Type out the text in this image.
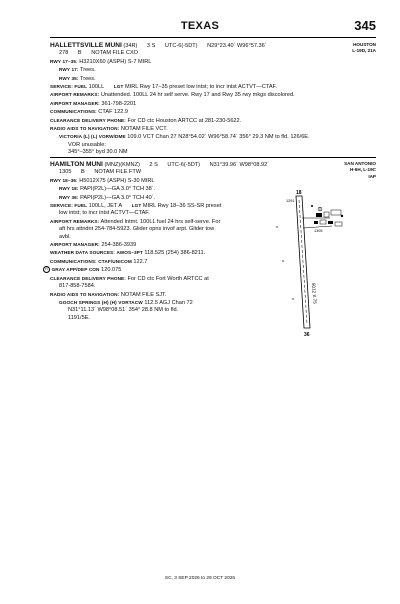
TEXAS	345
HOUSTON
L-19D, 21A
HALLETTSVILLE MUNI (34R) 3 S UTC-6(-5DT) N29°23.40´ W96°57.36´
278 B NOTAM FILE CXO
RWY 17–35: H3210X60 (ASPH) S-7 MIRL
RWY 17: Trees.
RWY 35: Trees.
SERVICE: FUEL 100LL LGT MIRL Rwy 17–35 preset low intst; to incr intst ACTVT—CTAF.
AIRPORT REMARKS: Unattended. 100LL 24 hr self serve. Rwy 17 and Rwy 35 rwy mkgs discolored.
AIRPORT MANAGER: 361-798-2201
COMMUNICATIONS: CTAF 122.9
CLEARANCE DELIVERY PHONE: For CD ctc Houston ARTCC at 281-230-5622.
RADIO AIDS TO NAVIGATION: NOTAM FILE VCT.
VICTORIA (L) (L) VORW/DME 109.0 VCT Chan 27 N28°54.02´ W96°58.74´ 356° 29.3 NM to fld. 126/6E.
VOR unusable:
345°–355° byd 30.0 NM
SAN ANTONIO
H-6H, L-19C
IAP
HAMILTON MUNI (MNZ)(KMNZ) 2 S UTC-6(-5DT) N31°39.96´ W98°08.92´
1305 B NOTAM FILE FTW
RWY 18–36: H5012X75 (ASPH) S-30 MIRL
RWY 18: PAPI(P2L)—GA 3.0° TCH 38´.
RWY 36: PAPI(P2L)—GA 3.0° TCH 40´.
SERVICE: FUEL 100LL, JET A LGT MIRL Rwy 18–36 SS-SR preset
low intst; to incr intst ACTVT—CTAF.
AIRPORT REMARKS: Attended Intmt. 100LL fuel 24 hrs self-serve. For
aft hrs attndnt 254-784-5923. Glider opns invof arpt. Glider tow
avbl.
AIRPORT MANAGER: 254-386-3939
WEATHER DATA SOURCES: AWOS–3PT 118.525 (254) 386-8211.
COMMUNICATIONS: CTAF/UNICOM 122.7
R GRAY APP/DEP CON 120.075
CLEARANCE DELIVERY PHONE: For CD ctc Fort Worth ARTCC at
817-858-7584.
RADIO AIDS TO NAVIGATION: NOTAM FILE SJT.
GOOCH SPRINGS (H) (H) VORTACW 112.5 AGJ Chan 72
N31°11.13´ W98°08.51´ 354° 28.8 NM to fld.
1191/5E.
18
36
5012 X 75
1291
1305
^
^
^
SC, 3 SEP 2026 to 29 OCT 2026
